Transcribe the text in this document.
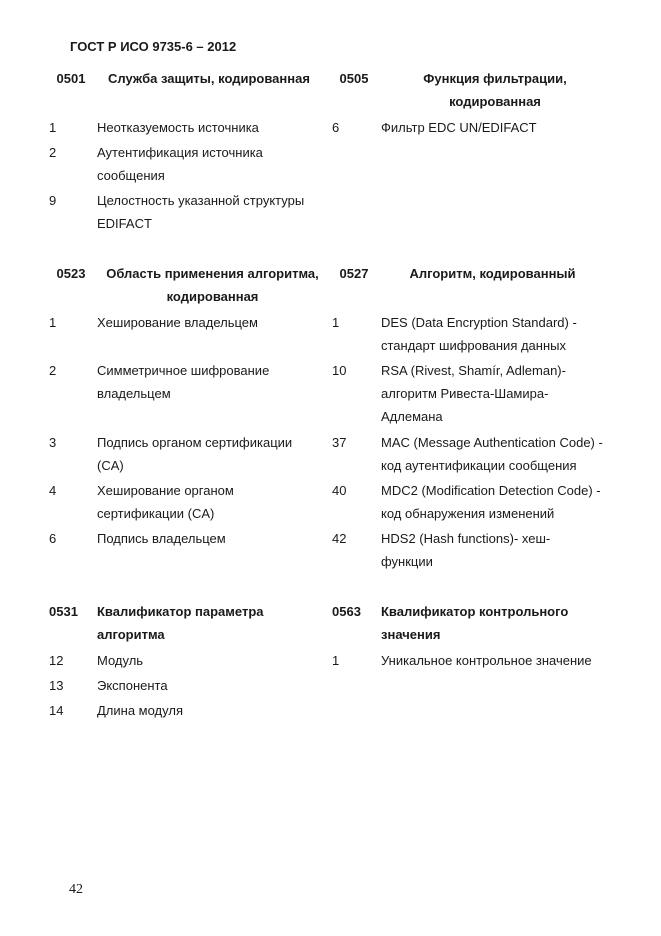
ГОСТ Р ИСО 9735-6 – 2012
0501	Служба защиты, кодированная
1	Неотказуемость источника
2	Аутентификация источника сообщения
9	Целостность указанной структуры EDIFACT
0505	Функция фильтрации, кодированная
6	Фильтр EDC UN/EDIFACT
0523	Область применения алгоритма, кодированная
1	Хеширование владельцем
2	Симметричное шифрование владельцем
3	Подпись органом сертификации (CA)
4	Хеширование органом сертификации (CA)
6	Подпись владельцем
0527	Алгоритм, кодированный
1	DES (Data Encryption Standard) - стандарт шифрования данных
10	RSA (Rivest, Shamír, Adleman)- алгоритм Ривеста-Шамира-Адлемана
37	MAC (Message Authentication Code) - код аутентификации сообщения
40	MDC2 (Modification Detection Code) - код обнаружения изменений
42	HDS2 (Hash functions)- хеш-функции
0531	Квалификатор параметра алгоритма
12	Модуль
13	Экспонента
14	Длина модуля
0563	Квалификатор контрольного значения
1	Уникальное контрольное значение
42
